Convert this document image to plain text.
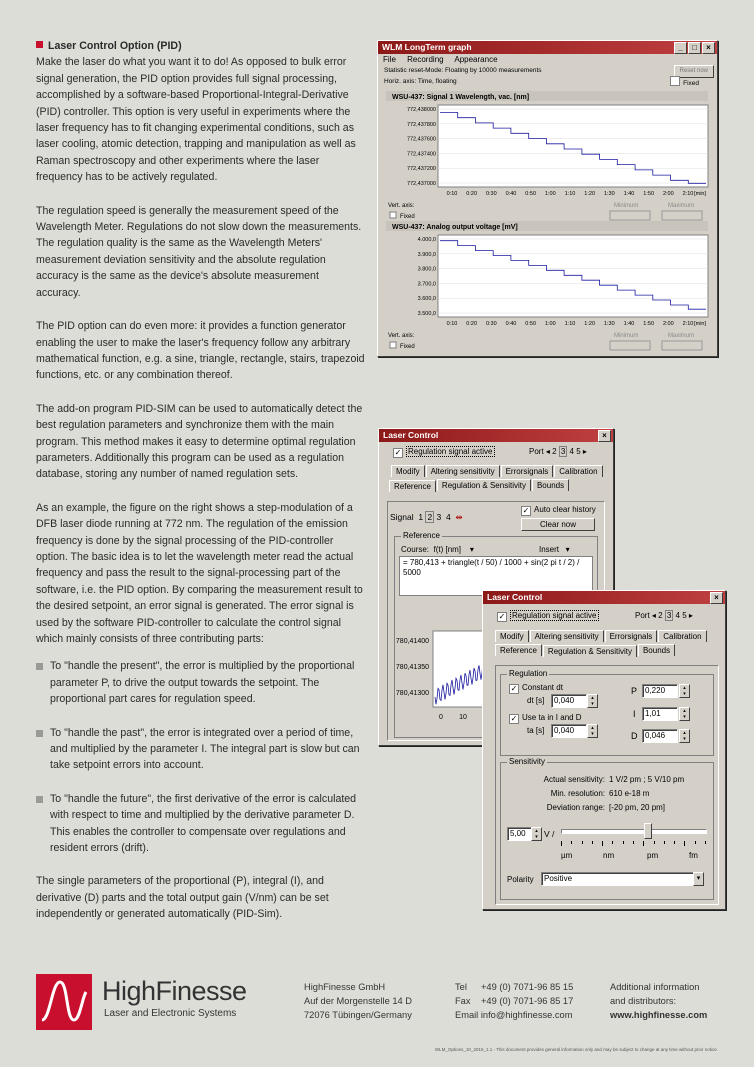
Laser Control Option (PID)

Make the laser do what you want it to do! As opposed to bulk error signal generation, the PID option provides full signal processing, accomplished by a software-based Proportional-Integral-Derivative (PID) controller. This option is very useful in experiments where the laser frequency has to fit changing experimental conditions, such as laser cooling, atomic detection, trapping and manipulation as well as Raman spectroscopy and other experiments where the laser frequency has to be actively regulated.

The regulation speed is generally the measurement speed of the Wavelength Meter. Regulations do not slow down the measurements. The regulation quality is the same as the Wavelength Meters' measurement deviation sensitivity and the absolute regulation accuracy is the same as the device's absolute measurement accuracy.

The PID option can do even more: it provides a function generator enabling the user to make the laser's frequency follow any arbitrary mathematical function, e.g. a sine, triangle, rectangle, stairs, trapezoid functions, etc. or any combination thereof.

The add-on program PID-SIM can be used to automatically detect the best regulation parameters and synchronize them with the main program. This method makes it easy to determine optimal regulation parameters. Additionally this program can be used as a regulation database, storing any number of named regulation sets.

As an example, the figure on the right shows a step-modulation of a DFB laser diode running at 772 nm. The regulation of the emission frequency is done by the signal processing of the PID-controller option. The basic idea is to let the wavelength meter read the actual frequency and pass the result to the signal-processing part of the software, i.e. the PID option. By comparing the measurement result to the desired setpoint, an error signal is generated. The error signal is used by the software PID-controller to calculate the control signal which mainly consists of three contributing parts:

To "handle the present", the error is multiplied by the proportional parameter P, to drive the output towards the setpoint. The proportional part cares for regulation speed.

To "handle the past", the error is integrated over a period of time, and multiplied by the parameter I. The integral part is slow but can take setpoint errors into account.

To "handle the future", the first derivative of the error is calculated with respect to time and multiplied by the derivative parameter D. This enables the controller to compensate over regulations and resident errors (drift).

The single parameters of the proportional (P), integral (I), and derivative (D) parts and the total output gain (V/nm) can be set independently or generated automatically (PID-Sim).

WLM LongTerm graph	_	□	×
File Recording Appearance
Statistic reset-Mode: Floating by 10000 measurements	Reset now
Horiz. axis: Time, floating	Fixed
WSU-437: Signal 1 Wavelength, vac. [nm]
772,438000
772,437800
772,437600
772,437400
772,437200
772,437000
0:10 0:20 0:30 0:40 0:50 1:00 1:10 1:20 1:30 1:40 1:50 2:00 2:10 [min]
Vert. axis:
Fixed
Minimum	Maximum
WSU-437: Analog output voltage [mV]
4.000,0
3.900,0
3.800,0
3.700,0
3.600,0
3.500,0
0:10 0:20 0:30 0:40 0:50 1:00 1:10 1:20 1:30 1:40 1:50 2:00 2:10 [min]
Vert. axis:
Fixed
Minimum	Maximum
Laser Control	×
✓ Regulation signal active	Port ◂ 2 3 4 5 ▸
Modify Altering sensitivity Errorsignals Calibration
Reference Regulation & Sensitivity Bounds
Signal  1 2 3  4  ⇹
✓ Auto clear history
Clear now
Reference
Course: f(t) [nm]    ▾	Insert   ▾
= 780,413 + triangle(t / 50) / 1000 + sin(2 pi t / 2) / 5000
780,41400
780,41350
780,41300
0 10
Laser Control	×
✓ Regulation signal active	Port ◂ 2 3 4 5 ▸
Modify Altering sensitivity Errorsignals Calibration
Reference Regulation & Sensitivity Bounds
Regulation
✓ Constant dt
dt [s]	0,040	▴
▾
✓ Use ta in I and D
ta [s]	0,040	▴
▾
P 0,220	▴
▾
I	1,01	▴
▾
D 0,046	▴
▾
Sensitivity
Actual sensitivity: 1 V/2 pm ; 5 V/10 pm
Min. resolution: 610 e-18 m
Deviation range: [-20 pm, 20 pm]
5,00	▴
▾ V /
µm	nm	pm	fm
Polarity	Positive	▾
HighFinesse
Laser and Electronic Systems
HighFinesse GmbH
Auf der Morgenstelle 14 D
72076 Tübingen/Germany
Tel +49 (0) 7071-96 85 15
Fax +49 (0) 7071-96 85 17
Email info@highfinesse.com
Additional information
and distributors:
www.highfinesse.com
WLM_Options_10_2015_1.1 - This document provides general information only and may be subject to change at any time without prior notice.
